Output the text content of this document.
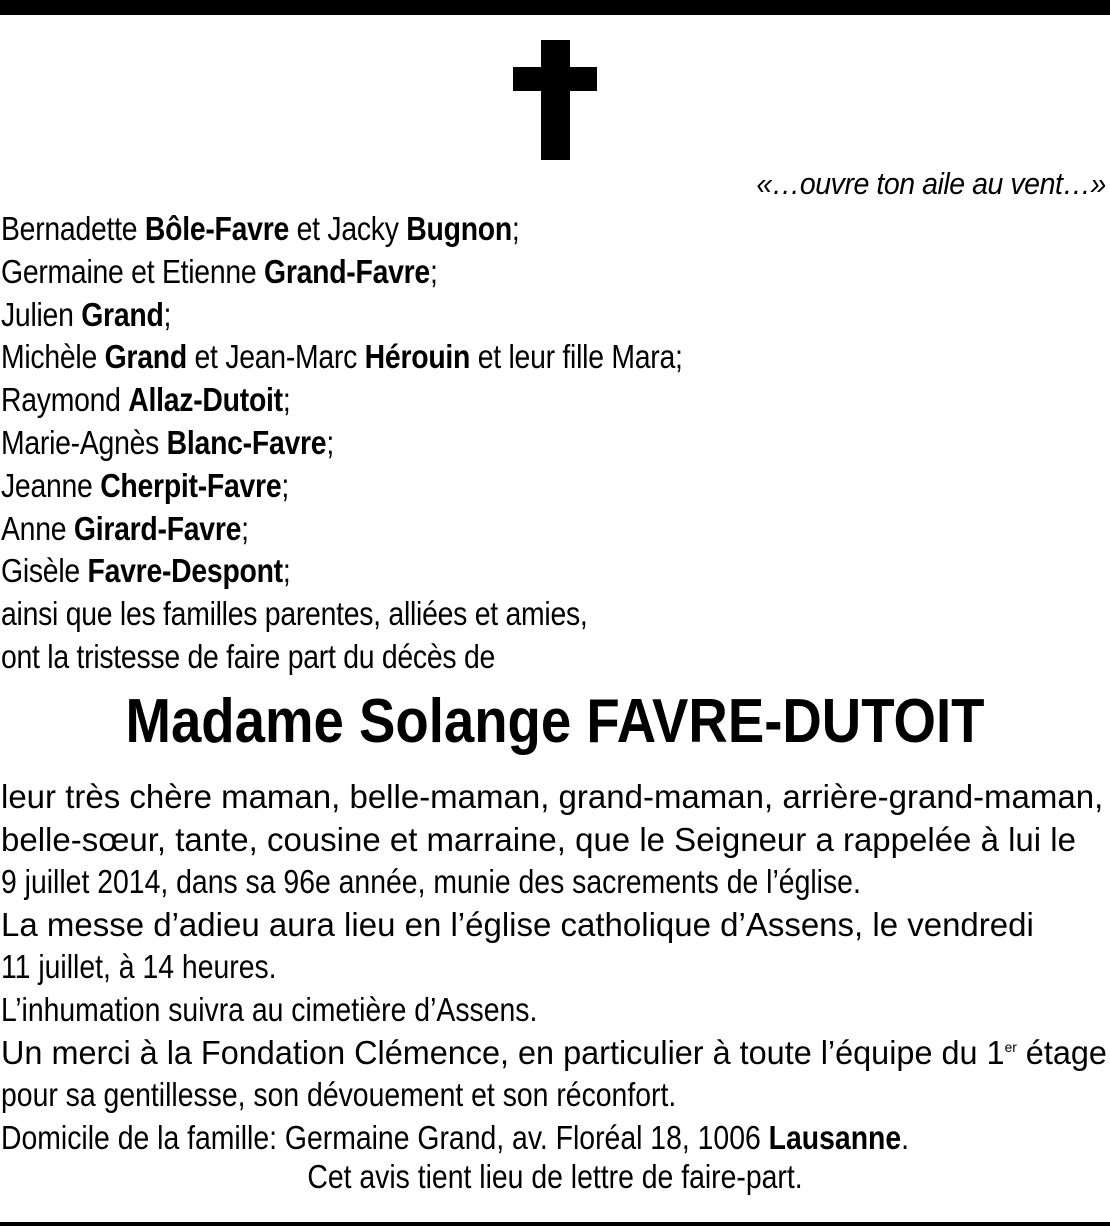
«…ouvre ton aile au vent…»
Bernadette Bôle-Favre et Jacky Bugnon;
Germaine et Etienne Grand-Favre;
Julien Grand;
Michèle Grand et Jean-Marc Hérouin et leur fille Mara;
Raymond Allaz-Dutoit;
Marie-Agnès Blanc-Favre;
Jeanne Cherpit-Favre;
Anne Girard-Favre;
Gisèle Favre-Despont;
ainsi que les familles parentes, alliées et amies,
ont la tristesse de faire part du décès de
Madame Solange FAVRE-DUTOIT
leur très chère maman, belle-maman, grand-maman, arrière-grand-maman,
belle-sœur, tante, cousine et marraine, que le Seigneur a rappelée à lui le
9 juillet 2014, dans sa 96e année, munie des sacrements de l’église.
La messe d’adieu aura lieu en l’église catholique d’Assens, le vendredi
11 juillet, à 14 heures.
L’inhumation suivra au cimetière d’Assens.
Un merci à la Fondation Clémence, en particulier à toute l’équipe du 1er étage
pour sa gentillesse, son dévouement et son réconfort.
Domicile de la famille: Germaine Grand, av. Floréal 18, 1006 Lausanne.
Cet avis tient lieu de lettre de faire-part.
